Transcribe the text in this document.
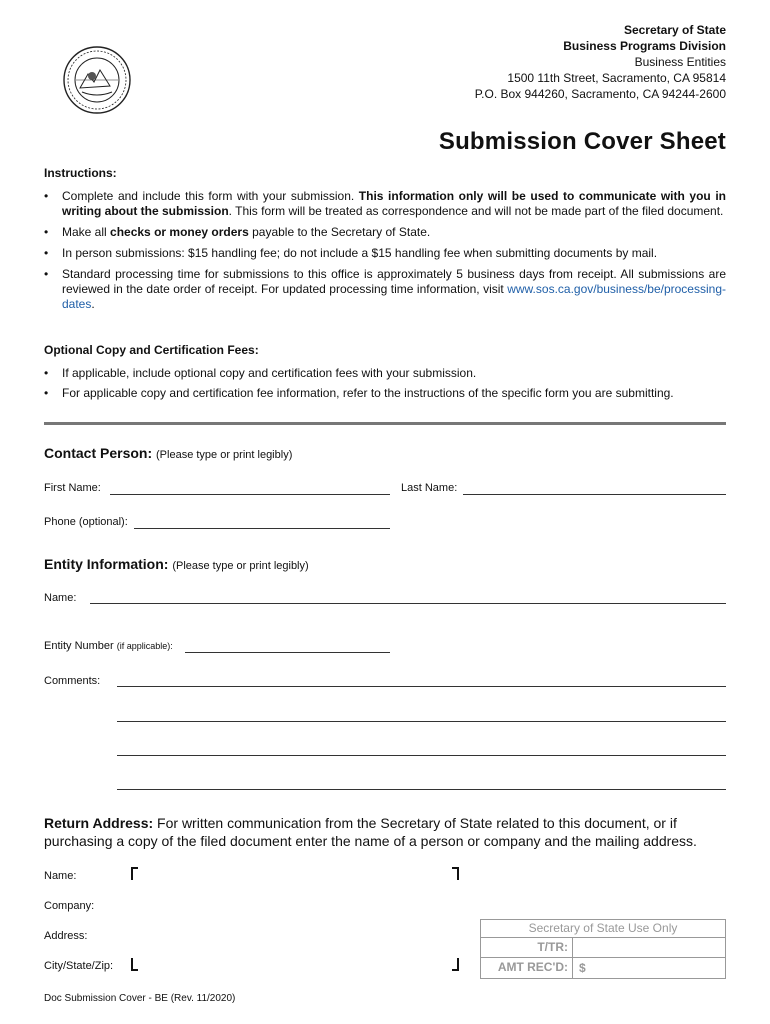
Secretary of State
Business Programs Division
Business Entities
1500 11th Street, Sacramento, CA 95814
P.O. Box 944260, Sacramento, CA 94244-2600
Submission Cover Sheet
Instructions:
• Complete and include this form with your submission. This information only will be used to communicate with you in writing about the submission. This form will be treated as correspondence and will not be made part of the filed document.
• Make all checks or money orders payable to the Secretary of State.
• In person submissions: $15 handling fee; do not include a $15 handling fee when submitting documents by mail.
• Standard processing time for submissions to this office is approximately 5 business days from receipt. All submissions are reviewed in the date order of receipt. For updated processing time information, visit www.sos.ca.gov/business/be/processing-dates.
Optional Copy and Certification Fees:
• If applicable, include optional copy and certification fees with your submission.
• For applicable copy and certification fee information, refer to the instructions of the specific form you are submitting.
Contact Person: (Please type or print legibly)
First Name:	Last Name:
Phone (optional):
Entity Information: (Please type or print legibly)
Name:
Entity Number (if applicable):
Comments:
Return Address: For written communication from the Secretary of State related to this document, or if purchasing a copy of the filed document enter the name of a person or company and the mailing address.
Name:
Company:
Address:
City/State/Zip:
Secretary of State Use Only
T/TR:
AMT REC'D: $
Doc Submission Cover - BE (Rev. 11/2020)
